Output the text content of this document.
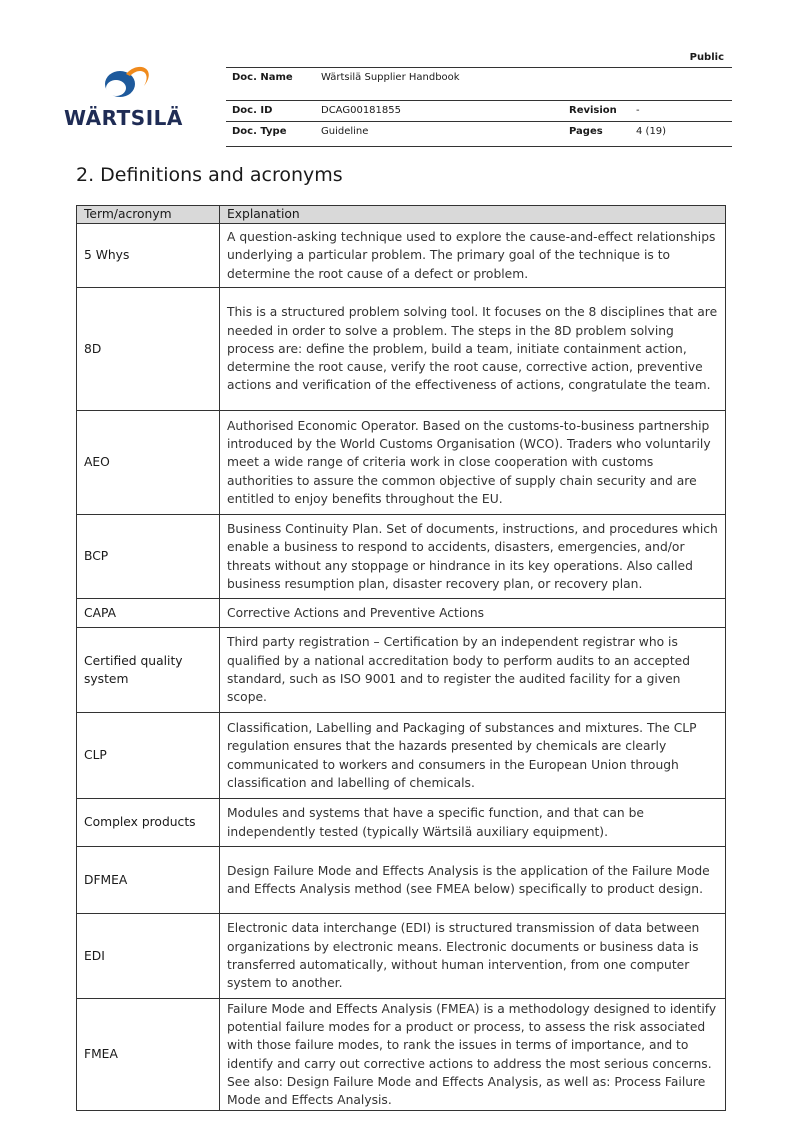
Public
WÄRTSILÄ
Doc. Name	Wärtsilä Supplier Handbook
Doc. ID	DCAG00181855	Revision -
Doc. Type	Guideline	Pages	4 (19)
2. Definitions and acronyms
Term/acronym	Explanation
5 Whys	A question-asking technique used to explore the cause-and-effect relationships underlying a particular problem. The primary goal of the technique is to determine the root cause of a defect or problem.
8D	This is a structured problem solving tool. It focuses on the 8 disciplines that are needed in order to solve a problem. The steps in the 8D problem solving process are: define the problem, build a team, initiate containment action, determine the root cause, verify the root cause, corrective action, preventive actions and verification of the effectiveness of actions, congratulate the team.
AEO	Authorised Economic Operator. Based on the customs-to-business partnership introduced by the World Customs Organisation (WCO). Traders who voluntarily meet a wide range of criteria work in close cooperation with customs authorities to assure the common objective of supply chain security and are entitled to enjoy benefits throughout the EU.
BCP	Business Continuity Plan. Set of documents, instructions, and procedures which enable a business to respond to accidents, disasters, emergencies, and/or threats without any stoppage or hindrance in its key operations. Also called business resumption plan, disaster recovery plan, or recovery plan.
CAPA	Corrective Actions and Preventive Actions
Certified quality system	Third party registration – Certification by an independent registrar who is qualified by a national accreditation body to perform audits to an accepted standard, such as ISO 9001 and to register the audited facility for a given scope.
CLP	Classification, Labelling and Packaging of substances and mixtures. The CLP regulation ensures that the hazards presented by chemicals are clearly communicated to workers and consumers in the European Union through classification and labelling of chemicals.
Complex products	Modules and systems that have a specific function, and that can be independently tested (typically Wärtsilä auxiliary equipment).
DFMEA	Design Failure Mode and Effects Analysis is the application of the Failure Mode and Effects Analysis method (see FMEA below) specifically to product design.
EDI	Electronic data interchange (EDI) is structured transmission of data between organizations by electronic means. Electronic documents or business data is transferred automatically, without human intervention, from one computer system to another.
FMEA	Failure Mode and Effects Analysis (FMEA) is a methodology designed to identify potential failure modes for a product or process, to assess the risk associated with those failure modes, to rank the issues in terms of importance, and to identify and carry out corrective actions to address the most serious concerns. See also: Design Failure Mode and Effects Analysis, as well as: Process Failure Mode and Effects Analysis.
